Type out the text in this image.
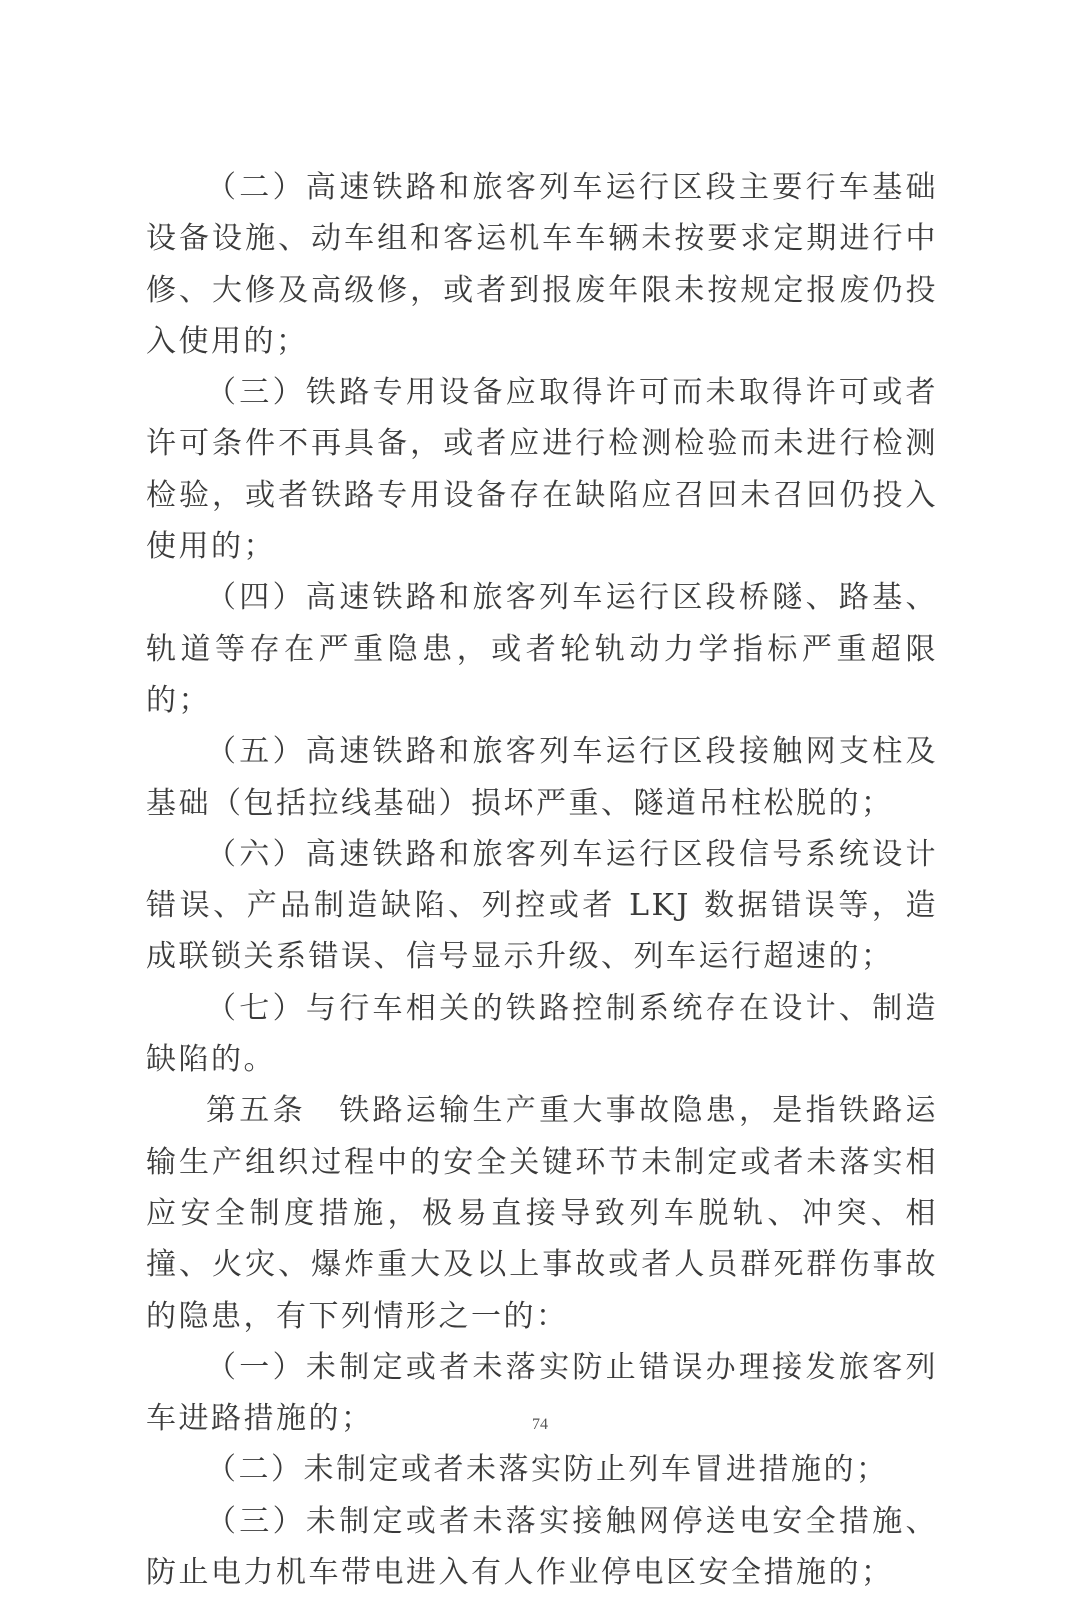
（二）高速铁路和旅客列车运行区段主要行车基础设备设施、动车组和客运机车车辆未按要求定期进行中修、大修及高级修，或者到报废年限未按规定报废仍投入使用的；

（三）铁路专用设备应取得许可而未取得许可或者许可条件不再具备，或者应进行检测检验而未进行检测检验，或者铁路专用设备存在缺陷应召回未召回仍投入使用的；

（四）高速铁路和旅客列车运行区段桥隧、路基、轨道等存在严重隐患，或者轮轨动力学指标严重超限的；

（五）高速铁路和旅客列车运行区段接触网支柱及基础（包括拉线基础）损坏严重、隧道吊柱松脱的；

（六）高速铁路和旅客列车运行区段信号系统设计错误、产品制造缺陷、列控或者 LKJ 数据错误等，造成联锁关系错误、信号显示升级、列车运行超速的；

（七）与行车相关的铁路控制系统存在设计、制造缺陷的。

第五条　铁路运输生产重大事故隐患，是指铁路运输生产组织过程中的安全关键环节未制定或者未落实相应安全制度措施，极易直接导致列车脱轨、冲突、相撞、火灾、爆炸重大及以上事故或者人员群死群伤事故的隐患，有下列情形之一的：

（一）未制定或者未落实防止错误办理接发旅客列车进路措施的；

（二）未制定或者未落实防止列车冒进措施的；

（三）未制定或者未落实接触网停送电安全措施、防止电力机车带电进入有人作业停电区安全措施的；

74
